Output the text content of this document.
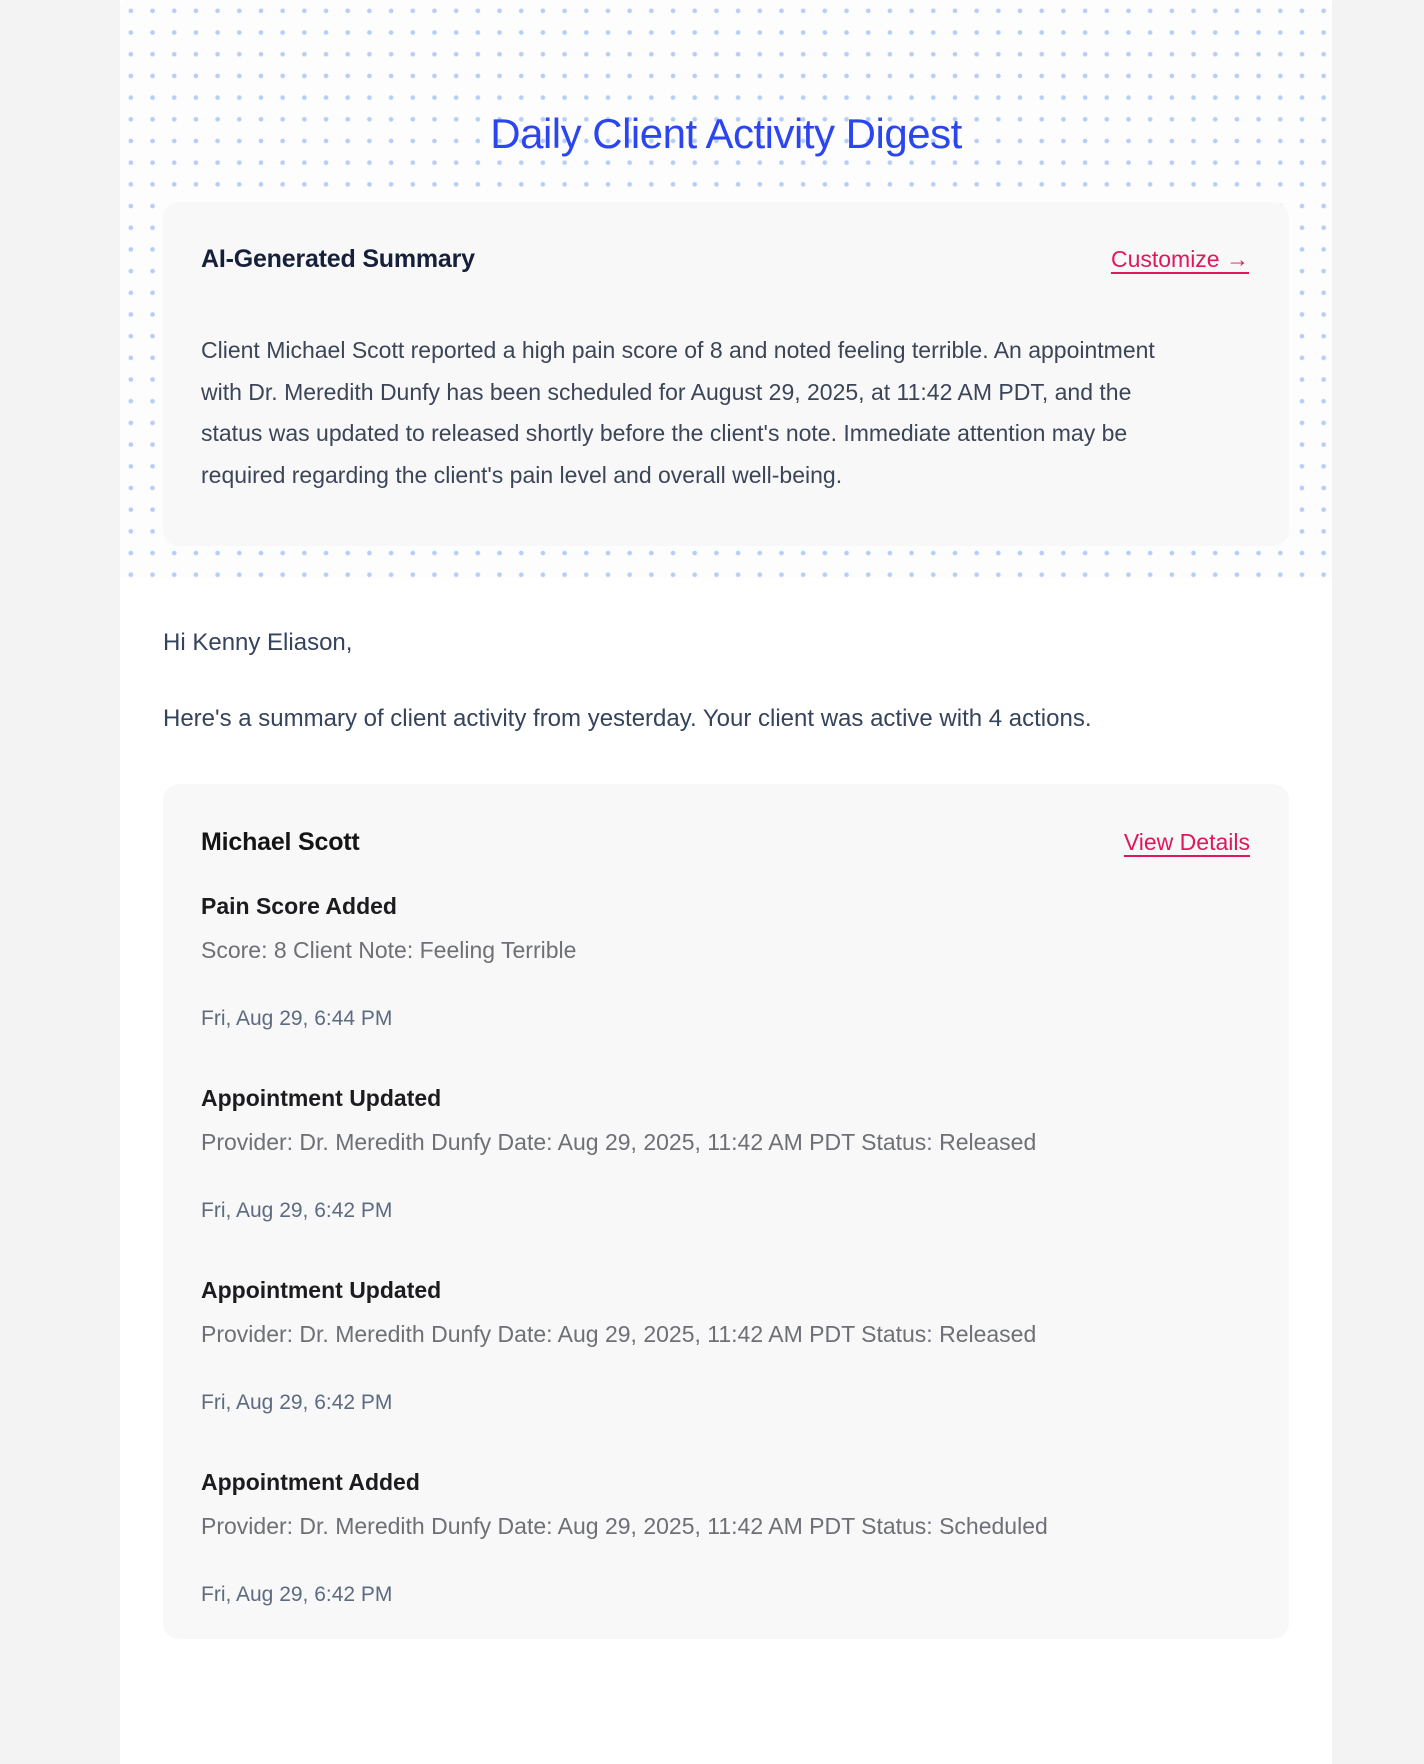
Daily Client Activity Digest
AI-Generated Summary	Customize →

Client Michael Scott reported a high pain score of 8 and noted feeling terrible. An appointment with Dr. Meredith Dunfy has been scheduled for August 29, 2025, at 11:42 AM PDT, and the status was updated to released shortly before the client's note. Immediate attention may be required regarding the client's pain level and overall well-being.

Hi Kenny Eliason,

Here's a summary of client activity from yesterday. Your client was active with 4 actions.

Michael Scott	View Details
Pain Score Added
Score: 8 Client Note: Feeling Terrible
Fri, Aug 29, 6:44 PM
Appointment Updated
Provider: Dr. Meredith Dunfy Date: Aug 29, 2025, 11:42 AM PDT Status: Released
Fri, Aug 29, 6:42 PM
Appointment Updated
Provider: Dr. Meredith Dunfy Date: Aug 29, 2025, 11:42 AM PDT Status: Released
Fri, Aug 29, 6:42 PM
Appointment Added
Provider: Dr. Meredith Dunfy Date: Aug 29, 2025, 11:42 AM PDT Status: Scheduled
Fri, Aug 29, 6:42 PM
